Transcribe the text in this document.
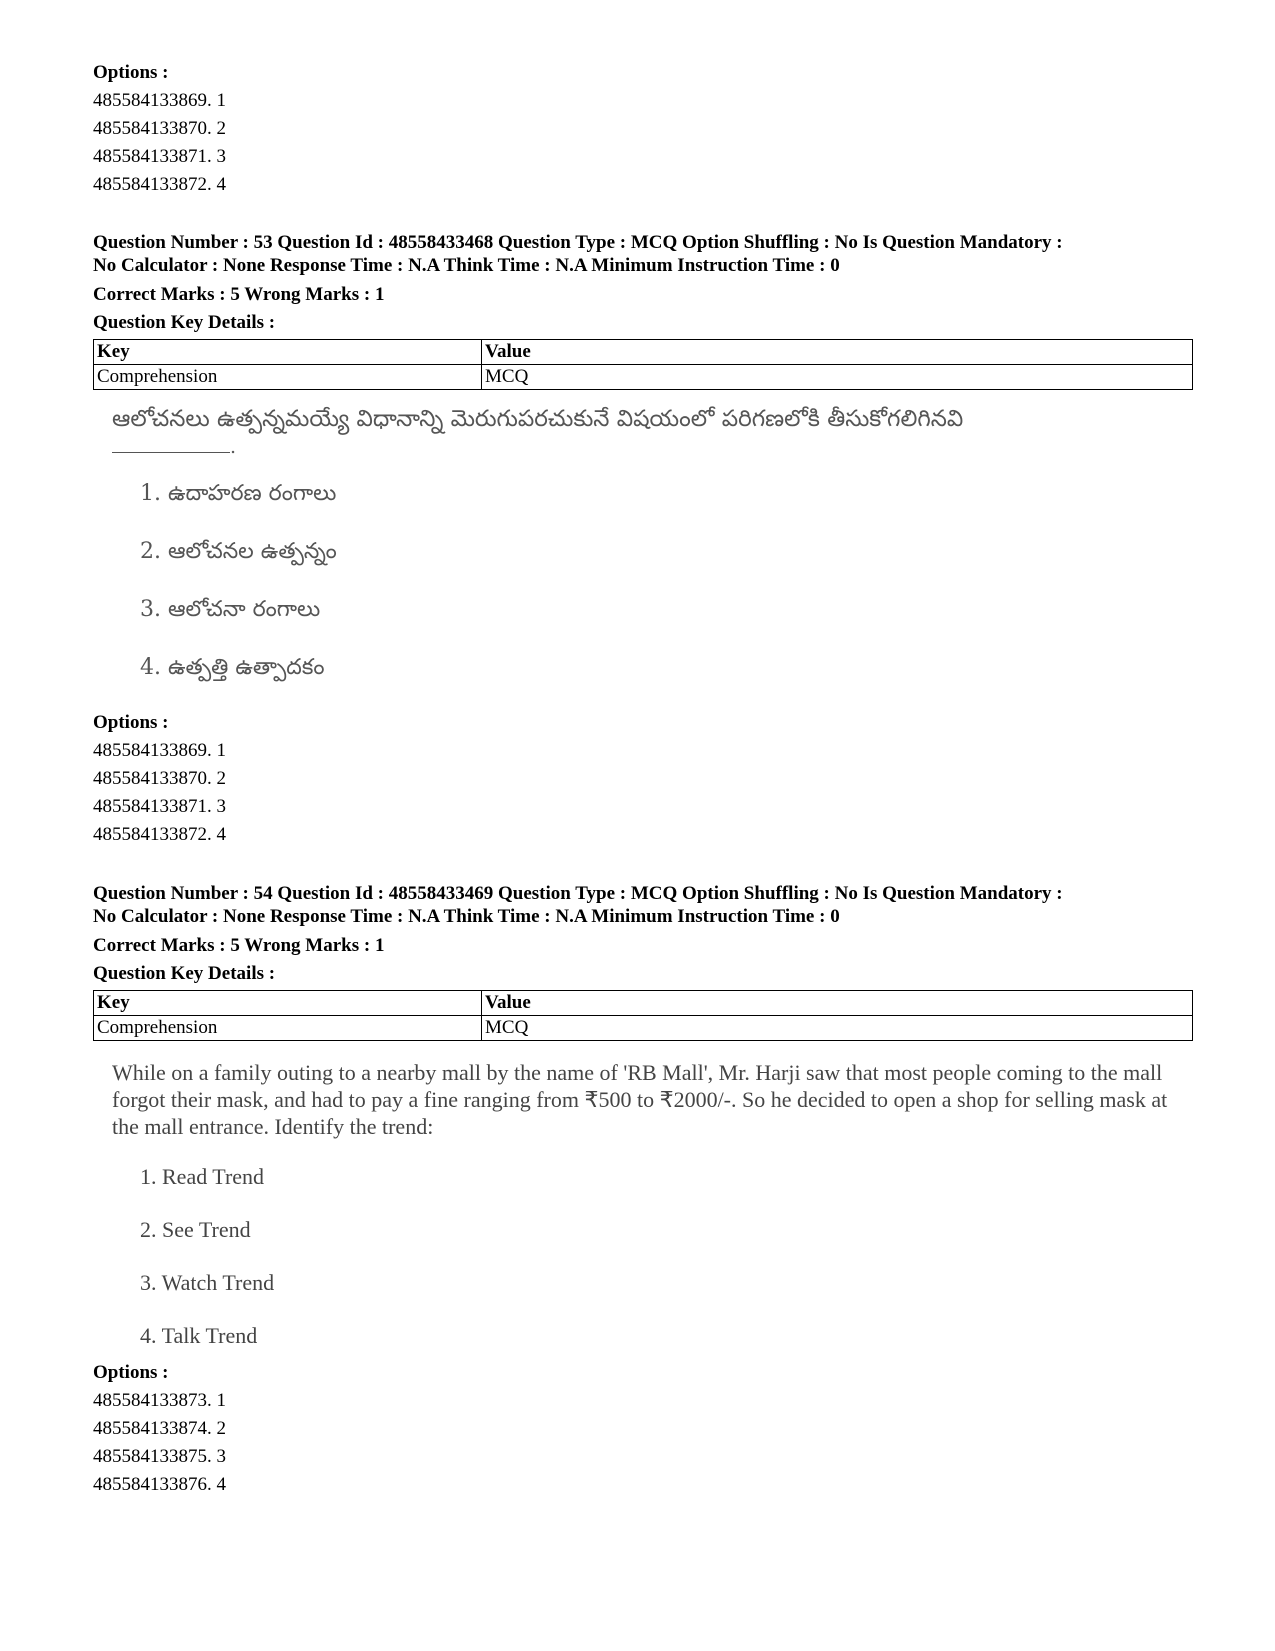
Options :
485584133869. 1
485584133870. 2
485584133871. 3
485584133872. 4
Question Number : 53 Question Id : 48558433468 Question Type : MCQ Option Shuffling : No Is Question Mandatory :
No Calculator : None Response Time : N.A Think Time : N.A Minimum Instruction Time : 0
Correct Marks : 5 Wrong Marks : 1
Question Key Details :
Key	Value
Comprehension	MCQ
ఆలోచనలు ఉత్పన్నమయ్యే విధానాన్ని మెరుగుపరచుకునే విషయంలో పరిగణలోకి తీసుకోగలిగినవి
.
1. ఉదాహరణ రంగాలు
2. ఆలోచనల ఉత్పన్నం
3. ఆలోచనా రంగాలు
4. ఉత్పత్తి ఉత్పాదకం
Options :
485584133869. 1
485584133870. 2
485584133871. 3
485584133872. 4
Question Number : 54 Question Id : 48558433469 Question Type : MCQ Option Shuffling : No Is Question Mandatory :
No Calculator : None Response Time : N.A Think Time : N.A Minimum Instruction Time : 0
Correct Marks : 5 Wrong Marks : 1
Question Key Details :
Key	Value
Comprehension	MCQ
While on a family outing to a nearby mall by the name of 'RB Mall', Mr. Harji saw that most people coming to the mall forgot their mask, and had to pay a fine ranging from ₹500 to ₹2000/-. So he decided to open a shop for selling mask at the mall entrance. Identify the trend:
1. Read Trend
2. See Trend
3. Watch Trend
4. Talk Trend
Options :
485584133873. 1
485584133874. 2
485584133875. 3
485584133876. 4
